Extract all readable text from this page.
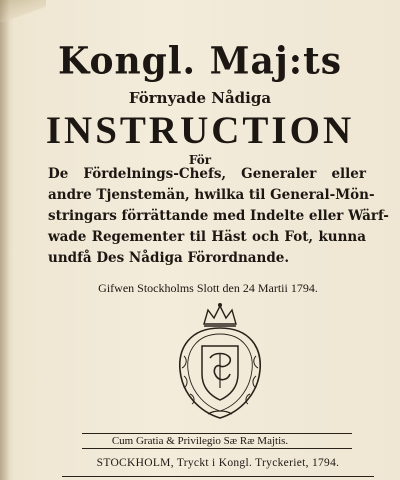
Kongl. Maj:ts
Förnyade Nådiga
INSTRUCTION
För
De Fördelnings-Chefs, Generaler eller
andre Tjenstemän, hwilka til General-Mön-
stringars förrättande med Indelte eller Wärf-
wade Regementer til Häst och Fot, kunna
undfå Des Nådiga Förordnande.
Gifwen Stockholms Slott den 24 Martii 1794.
Cum Gratia & Privilegio Sæ Ræ Majtis.
STOCKHOLM, Tryckt i Kongl. Tryckeriet, 1794.
